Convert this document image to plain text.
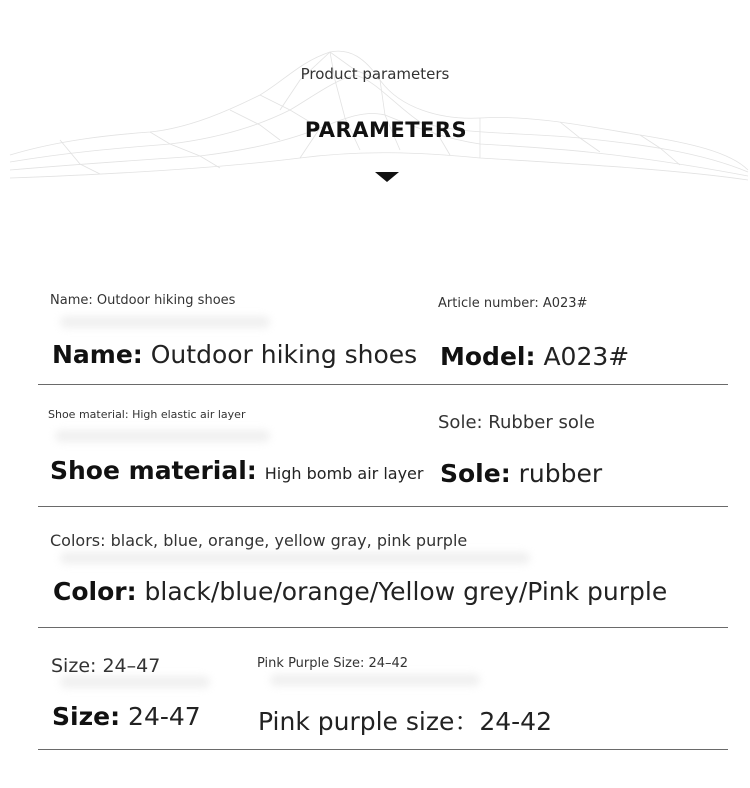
Product parameters
PARAMETERS
Name: Outdoor hiking shoes	Article number: A023#
Name: Outdoor hiking shoes Model: A023#
Shoe material: High elastic air layer	Sole: Rubber sole
Shoe material: High bomb air layer Sole: rubber
Colors: black, blue, orange, yellow gray, pink purple
Color: black/blue/orange/Yellow grey/Pink purple
Size: 24–47	Pink Purple Size: 24–42
Size: 24-47 Pink purple size：24-42
